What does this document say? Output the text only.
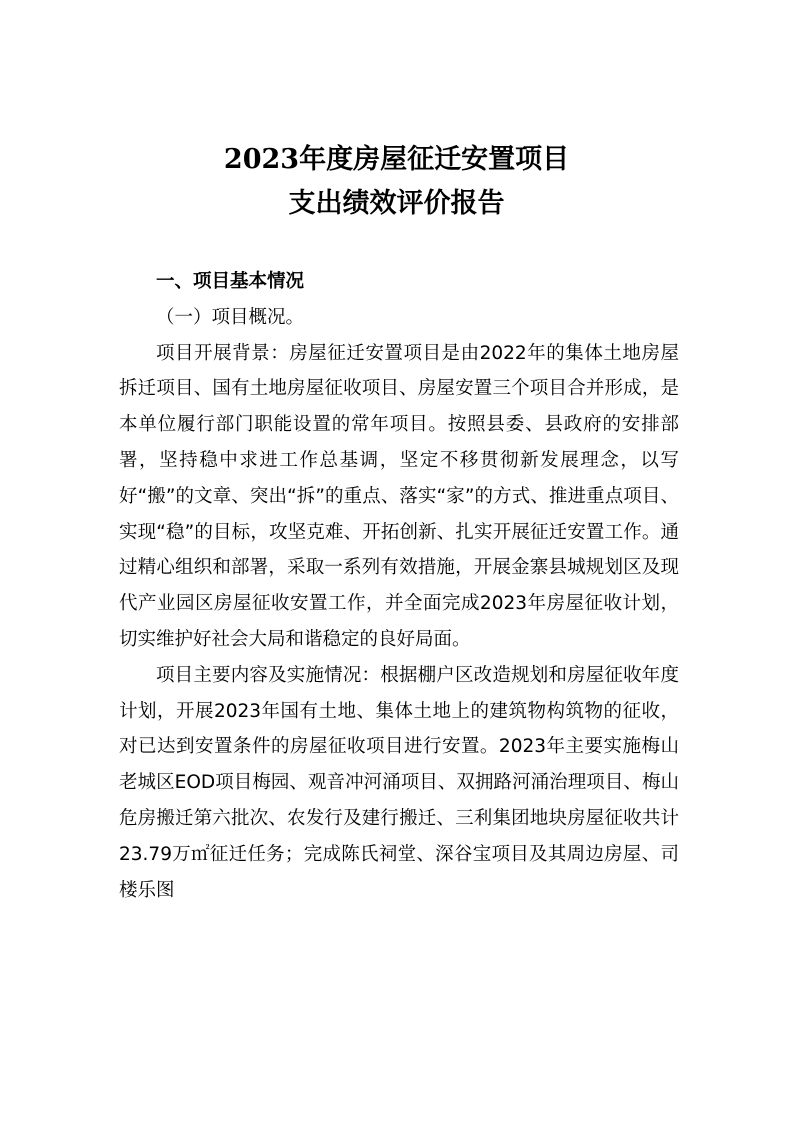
2023年度房屋征迁安置项目
支出绩效评价报告

一、项目基本情况

（一）项目概况。

项目开展背景：房屋征迁安置项目是由2022年的集体土地房屋拆迁项目、国有土地房屋征收项目、房屋安置三个项目合并形成，是本单位履行部门职能设置的常年项目。按照县委、县政府的安排部署，坚持稳中求进工作总基调，坚定不移贯彻新发展理念，以写好“搬”的文章、突出“拆”的重点、落实“家”的方式、推进重点项目、实现“稳”的目标，攻坚克难、开拓创新、扎实开展征迁安置工作。通过精心组织和部署，采取一系列有效措施，开展金寨县城规划区及现代产业园区房屋征收安置工作，并全面完成2023年房屋征收计划，切实维护好社会大局和谐稳定的良好局面。

项目主要内容及实施情况：根据棚户区改造规划和房屋征收年度计划，开展2023年国有土地、集体土地上的建筑物构筑物的征收，对已达到安置条件的房屋征收项目进行安置。2023年主要实施梅山老城区EOD项目梅园、观音冲河涌项目、双拥路河涌治理项目、梅山危房搬迁第六批次、农发行及建行搬迁、三利集团地块房屋征收共计23.79万㎡征迁任务；完成陈氏祠堂、深谷宝项目及其周边房屋、司楼乐图
